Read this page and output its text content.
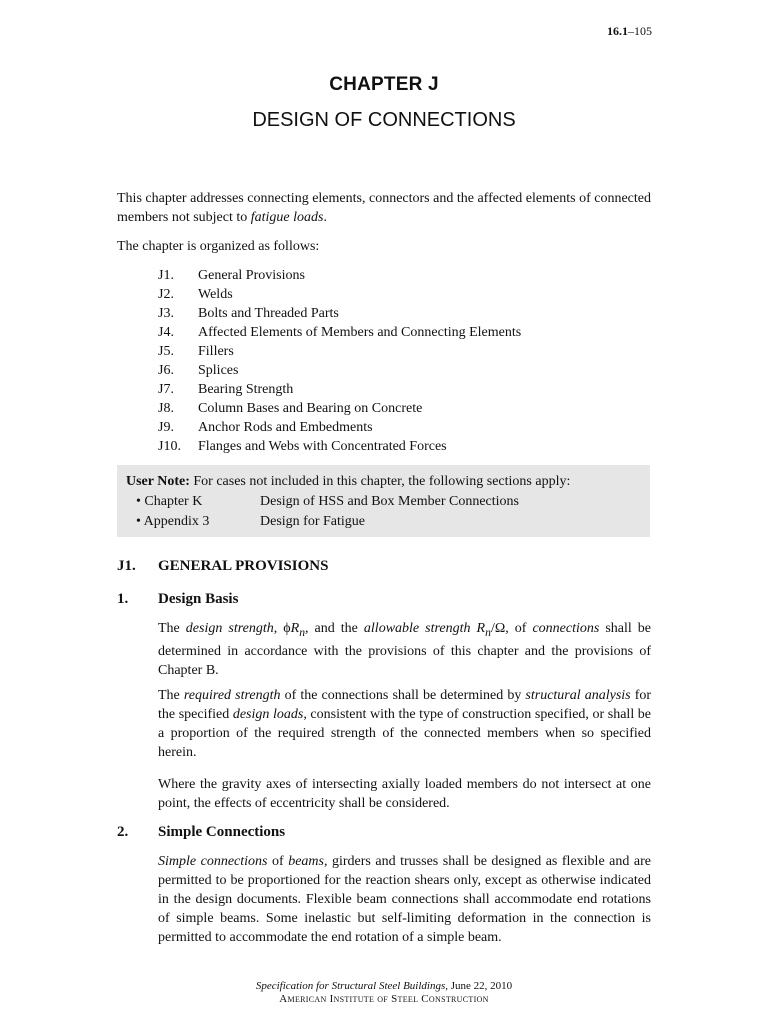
16.1–105
CHAPTER J
DESIGN OF CONNECTIONS
This chapter addresses connecting elements, connectors and the affected elements of connected members not subject to fatigue loads.
The chapter is organized as follows:
J1.	General Provisions
J2.	Welds
J3.	Bolts and Threaded Parts
J4.	Affected Elements of Members and Connecting Elements
J5.	Fillers
J6.	Splices
J7.	Bearing Strength
J8.	Column Bases and Bearing on Concrete
J9.	Anchor Rods and Embedments
J10.	Flanges and Webs with Concentrated Forces
User Note: For cases not included in this chapter, the following sections apply:
• Chapter K	Design of HSS and Box Member Connections
• Appendix 3	Design for Fatigue
J1.	GENERAL PROVISIONS
1.	Design Basis
The design strength, $\phi R_n$, and the allowable strength $R_n/\Omega$, of connections shall be determined in accordance with the provisions of this chapter and the provisions of Chapter B.
The required strength of the connections shall be determined by structural analysis for the specified design loads, consistent with the type of construction specified, or shall be a proportion of the required strength of the connected members when so specified herein.
Where the gravity axes of intersecting axially loaded members do not intersect at one point, the effects of eccentricity shall be considered.
2.	Simple Connections
Simple connections of beams, girders and trusses shall be designed as flexible and are permitted to be proportioned for the reaction shears only, except as otherwise indicated in the design documents. Flexible beam connections shall accommodate end rotations of simple beams. Some inelastic but self-limiting deformation in the connection is permitted to accommodate the end rotation of a simple beam.
Specification for Structural Steel Buildings, June 22, 2010
American Institute of Steel Construction
